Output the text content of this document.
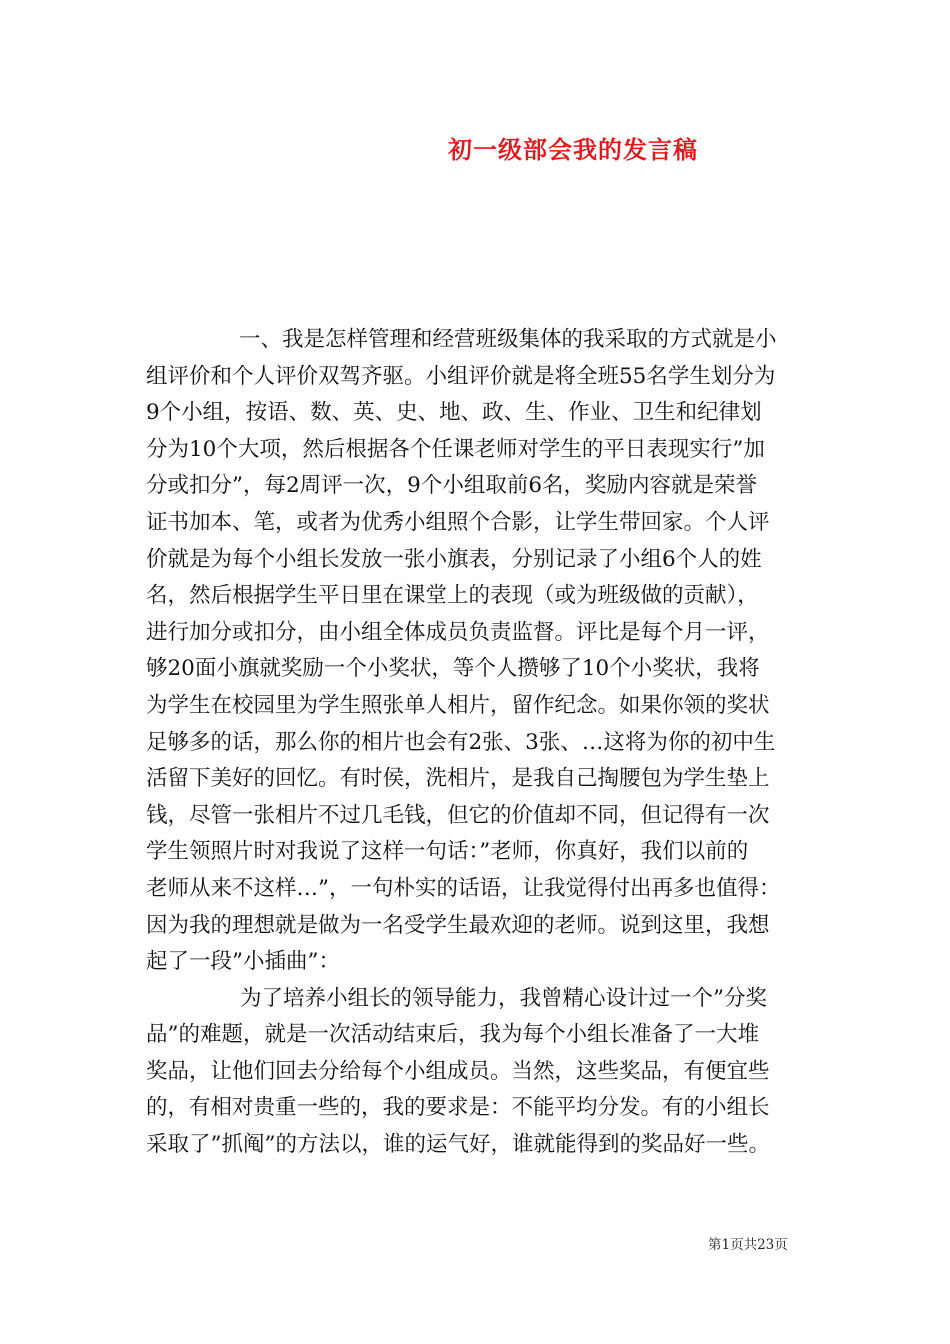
初一级部会我的发言稿
一、我是怎样管理和经营班级集体的我采取的方式就是小
组评价和个人评价双驾齐驱。小组评价就是将全班55名学生划分为
9个小组，按语、数、英、史、地、政、生、作业、卫生和纪律划
分为10个大项，然后根据各个任课老师对学生的平日表现实行”加
分或扣分”，每2周评一次，9个小组取前6名，奖励内容就是荣誉
证书加本、笔，或者为优秀小组照个合影，让学生带回家。个人评
价就是为每个小组长发放一张小旗表，分别记录了小组6个人的姓
名，然后根据学生平日里在课堂上的表现（或为班级做的贡献），
进行加分或扣分，由小组全体成员负责监督。评比是每个月一评，
够20面小旗就奖励一个小奖状，等个人攒够了10个小奖状，我将
为学生在校园里为学生照张单人相片，留作纪念。如果你领的奖状
足够多的话，那么你的相片也会有2张、3张、…这将为你的初中生
活留下美好的回忆。有时侯，洗相片，是我自己掏腰包为学生垫上
钱，尽管一张相片不过几毛钱，但它的价值却不同，但记得有一次
学生领照片时对我说了这样一句话：”老师，你真好，我们以前的
老师从来不这样…”，一句朴实的话语，让我觉得付出再多也值得：
因为我的理想就是做为一名受学生最欢迎的老师。说到这里，我想
起了一段”小插曲”：
为了培养小组长的领导能力，我曾精心设计过一个”分奖
品”的难题，就是一次活动结束后，我为每个小组长准备了一大堆
奖品，让他们回去分给每个小组成员。当然，这些奖品，有便宜些
的，有相对贵重一些的，我的要求是：不能平均分发。有的小组长
采取了”抓阄”的方法以，谁的运气好，谁就能得到的奖品好一些。
第1页共23页
